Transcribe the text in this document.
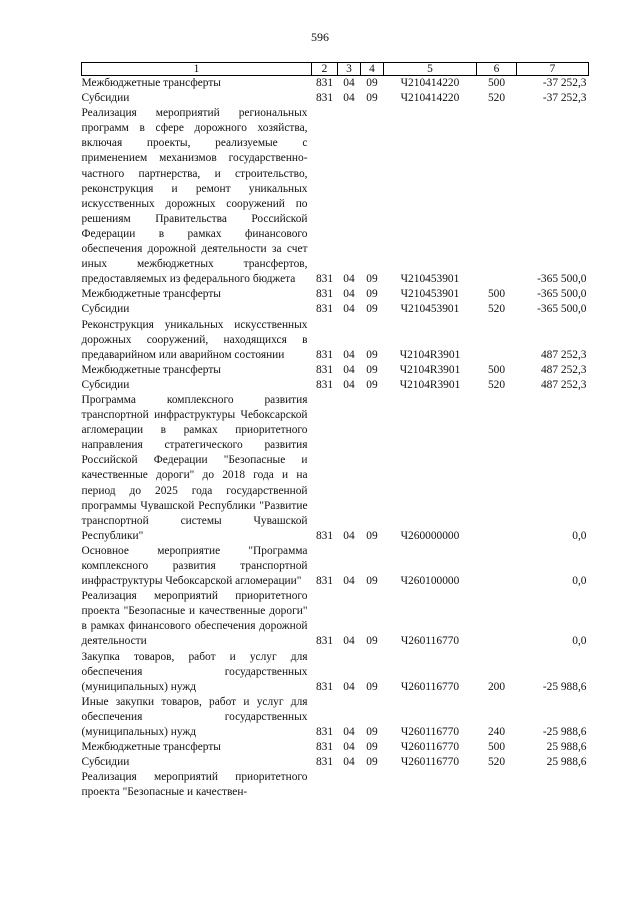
596
1	2	3	4	5	6	7
Межбюджетные трансферты	831	04	09	Ч210414220	500	-37 252,3
Субсидии	831	04	09	Ч210414220	520	-37 252,3
Реализация мероприятий региональных программ в сфере дорожного хозяйства, включая проекты, реализуемые с применением механизмов государственно-частного партнерства, и строительство, реконструкция и ремонт уникальных искусственных дорожных сооружений по решениям Правительства Российской Федерации в рамках финансового обеспечения дорожной деятельности за счет иных межбюджетных трансфертов, предоставляемых из федерального бюджета	831	04	09	Ч210453901		-365 500,0
Межбюджетные трансферты	831	04	09	Ч210453901	500	-365 500,0
Субсидии	831	04	09	Ч210453901	520	-365 500,0
Реконструкция уникальных искусственных дорожных сооружений, находящихся в предаварийном или аварийном состоянии	831	04	09	Ч2104R3901		487 252,3
Межбюджетные трансферты	831	04	09	Ч2104R3901	500	487 252,3
Субсидии	831	04	09	Ч2104R3901	520	487 252,3
Программа комплексного развития транспортной инфраструктуры Чебоксарской агломерации в рамках приоритетного направления стратегического развития Российской Федерации "Безопасные и качественные дороги" до 2018 года и на период до 2025 года государственной программы Чувашской Республики "Развитие транспортной системы Чувашской Республики"	831	04	09	Ч260000000		0,0
Основное мероприятие "Программа комплексного развития транспортной инфраструктуры Чебоксарской агломерации"	831	04	09	Ч260100000		0,0
Реализация мероприятий приоритетного проекта "Безопасные и качественные дороги" в рамках финансового обеспечения дорожной деятельности	831	04	09	Ч260116770		0,0
Закупка товаров, работ и услуг для обеспечения государственных (муниципальных) нужд	831	04	09	Ч260116770	200	-25 988,6
Иные закупки товаров, работ и услуг для обеспечения государственных (муниципальных) нужд	831	04	09	Ч260116770	240	-25 988,6
Межбюджетные трансферты	831	04	09	Ч260116770	500	25 988,6
Субсидии	831	04	09	Ч260116770	520	25 988,6
Реализация мероприятий приоритетного проекта "Безопасные и качествен-						
